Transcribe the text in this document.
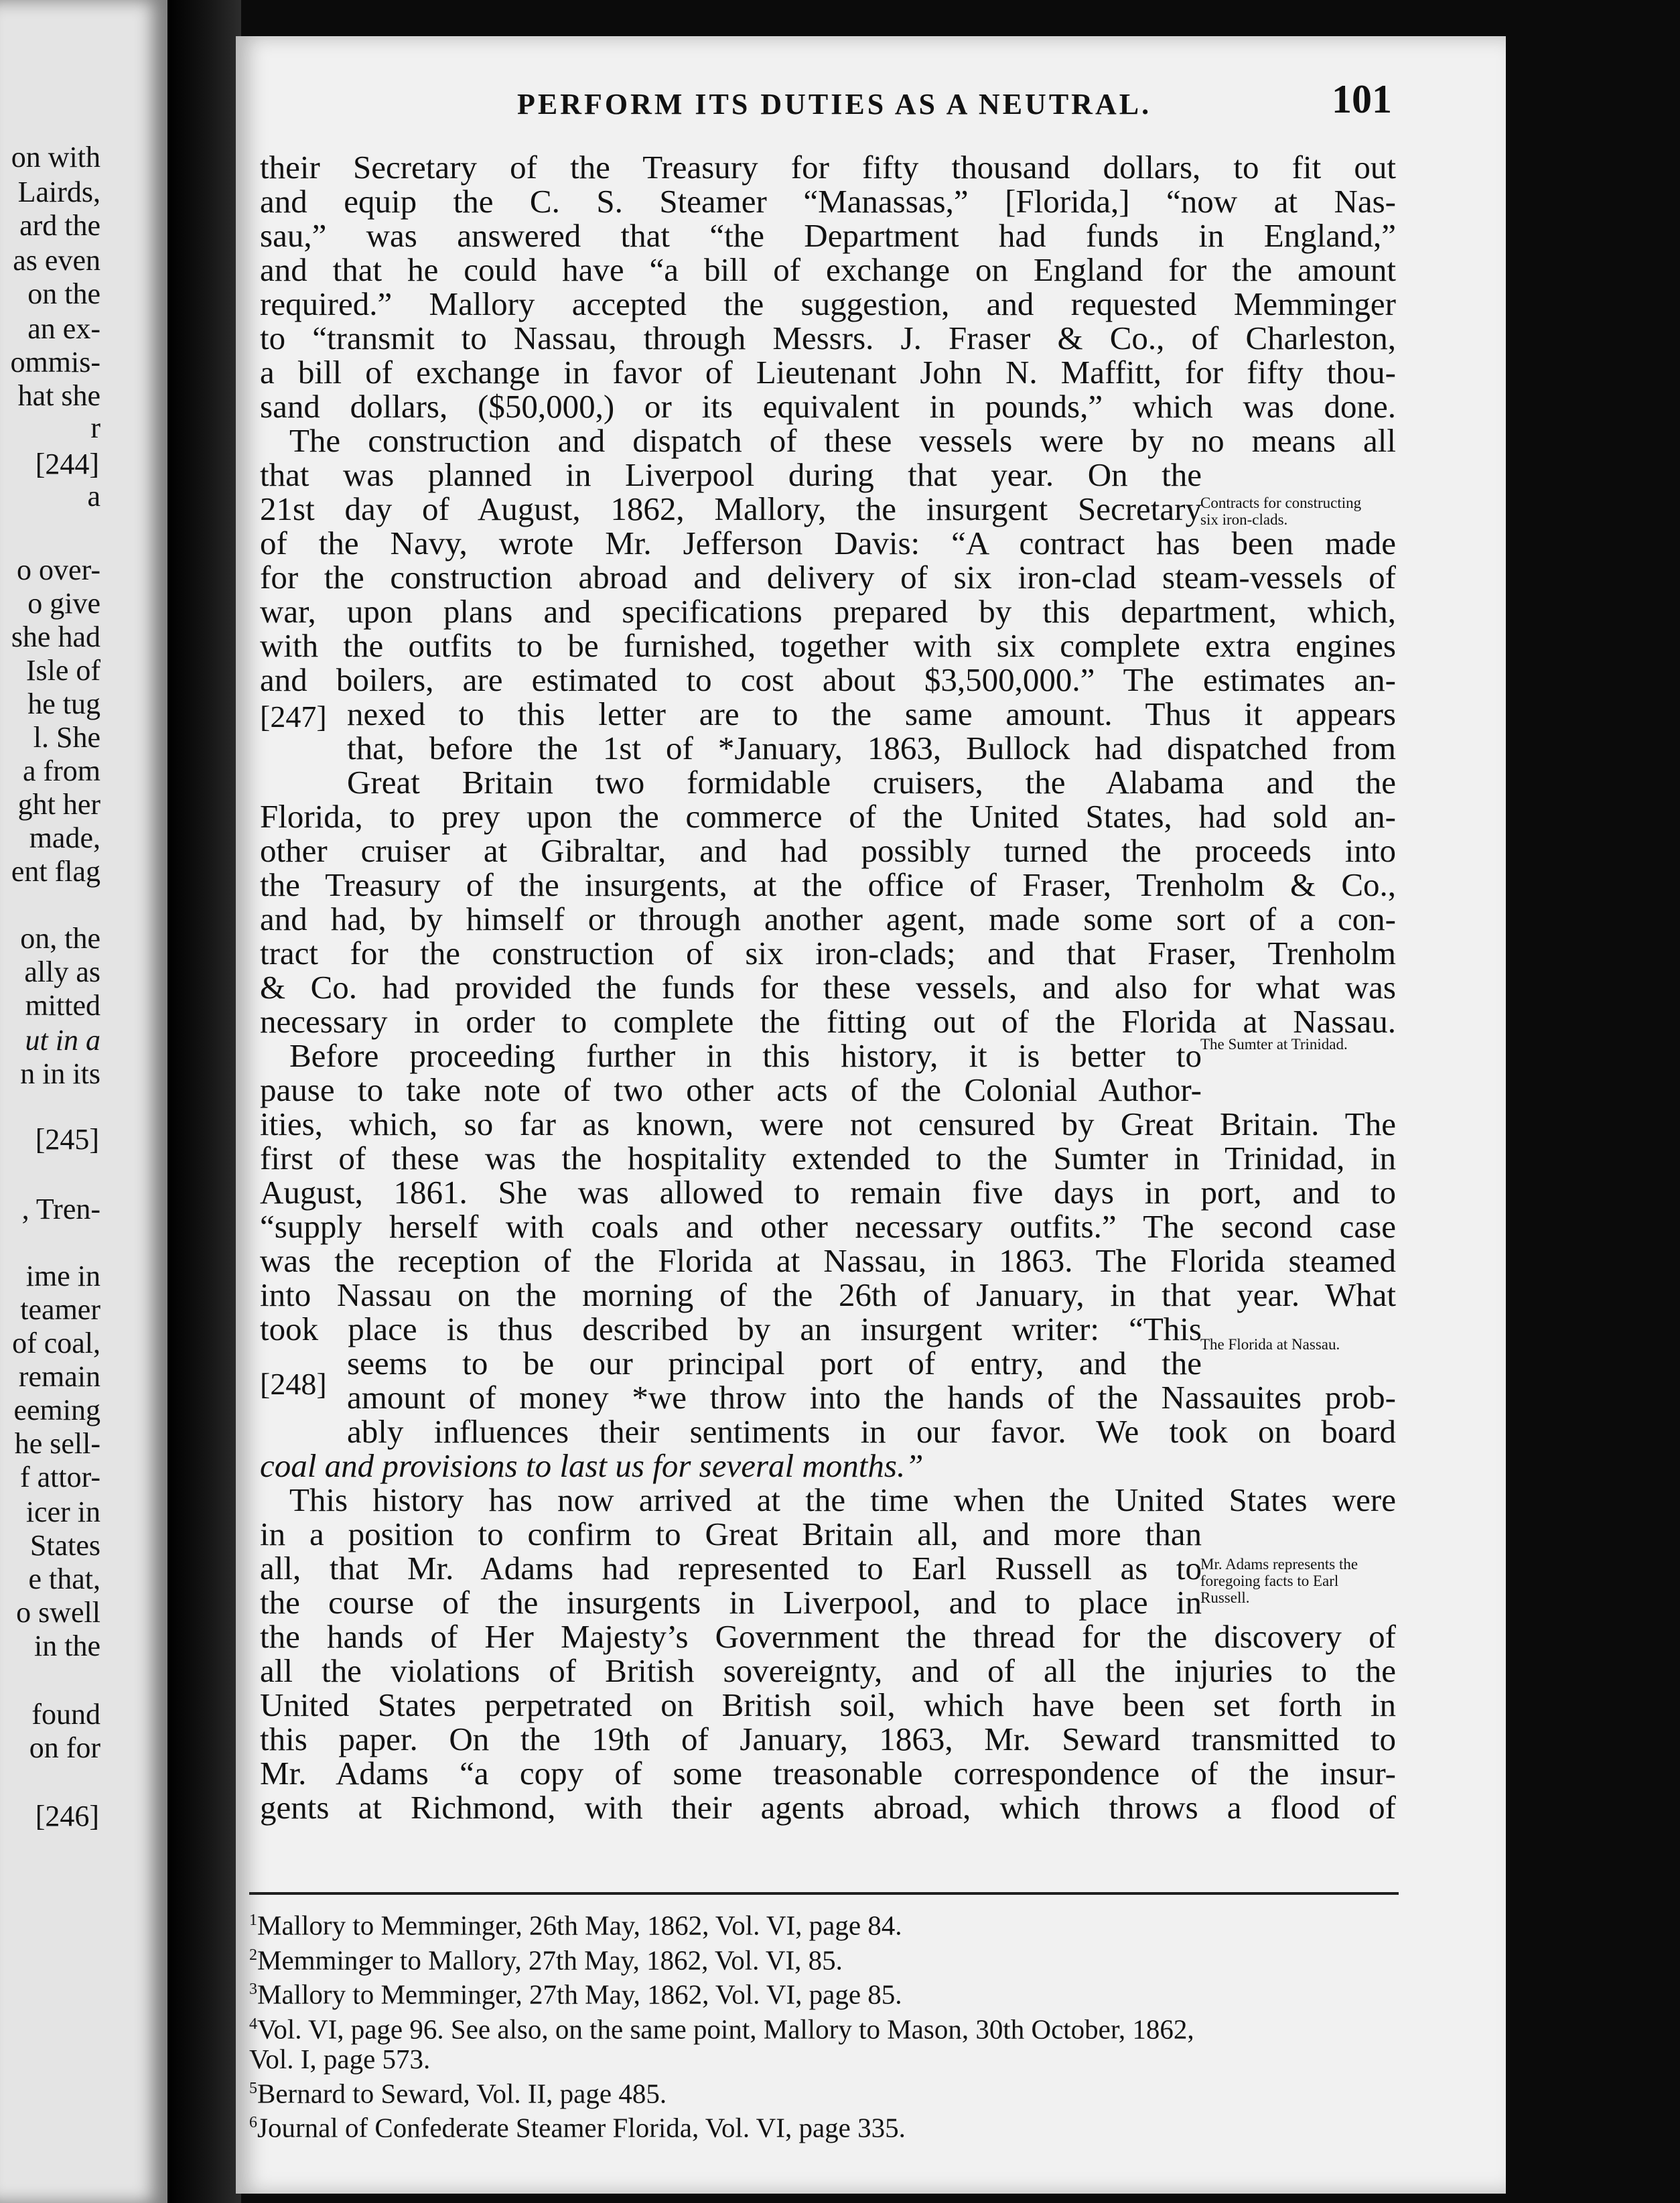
on with
Lairds,
ard the
as even
on the
an ex-
ommis-
hat she
r
[244]
a
o over-
o give
she had
Isle of
he tug
l. She
a from
ght her
made,
ent flag
on, the
ally as
mitted
ut in a
n in its
[245]
, Tren-
ime in
teamer
of coal,
remain
eeming
he sell-
f attor-
icer in
States
e that,
o swell
in the
found
on for
[246]
PERFORM ITS DUTIES AS A NEUTRAL.	101
their Secretary of the Treasury for fifty thousand dollars, to fit out
and equip the C. S. Steamer “Manassas,” [Florida,] “now at Nas-
sau,” was answered that “the Department had funds in England,”
and that he could have “a bill of exchange on England for the amount
required.” Mallory accepted the suggestion, and requested Memminger
to “transmit to Nassau, through Messrs. J. Fraser & Co., of Charleston,
a bill of exchange in favor of Lieutenant John N. Maffitt, for fifty thou-
sand dollars, ($50,000,) or its equivalent in pounds,” which was done.
The construction and dispatch of these vessels were by no means all
that was planned in Liverpool during that year. On the
21st day of August, 1862, Mallory, the insurgent Secretary
of the Navy, wrote Mr. Jefferson Davis: “A contract has been made
for the construction abroad and delivery of six iron-clad steam-vessels of
war, upon plans and specifications prepared by this department, which,
with the outfits to be furnished, together with six complete extra engines
and boilers, are estimated to cost about $3,500,000.” The estimates an-
nexed to this letter are to the same amount. Thus it appears
that, before the 1st of *January, 1863, Bullock had dispatched from
Great Britain two formidable cruisers, the Alabama and the
Florida, to prey upon the commerce of the United States, had sold an-
other cruiser at Gibraltar, and had possibly turned the proceeds into
the Treasury of the insurgents, at the office of Fraser, Trenholm & Co.,
and had, by himself or through another agent, made some sort of a con-
tract for the construction of six iron-clads; and that Fraser, Trenholm
& Co. had provided the funds for these vessels, and also for what was
necessary in order to complete the fitting out of the Florida at Nassau.
Before proceeding further in this history, it is better to
pause to take note of two other acts of the Colonial Author-
ities, which, so far as known, were not censured by Great Britain. The
first of these was the hospitality extended to the Sumter in Trinidad, in
August, 1861. She was allowed to remain five days in port, and to
“supply herself with coals and other necessary outfits.” The second case
was the reception of the Florida at Nassau, in 1863. The Florida steamed
into Nassau on the morning of the 26th of January, in that year. What
took place is thus described by an insurgent writer: “This
seems to be our principal port of entry, and the
amount of money *we throw into the hands of the Nassauites prob-
ably influences their sentiments in our favor. We took on board
coal and provisions to last us for several months.”
This history has now arrived at the time when the United States were
in a position to confirm to Great Britain all, and more than
all, that Mr. Adams had represented to Earl Russell as to
the course of the insurgents in Liverpool, and to place in
the hands of Her Majesty’s Government the thread for the discovery of
all the violations of British sovereignty, and of all the injuries to the
United States perpetrated on British soil, which have been set forth in
this paper. On the 19th of January, 1863, Mr. Seward transmitted to
Mr. Adams “a copy of some treasonable correspondence of the insur-
gents at Richmond, with their agents abroad, which throws a flood of
[247]
[248]
Contracts for constructing six iron-clads.
The Sumter at Trinidad.
The Florida at Nassau.
Mr. Adams represents the foregoing facts to Earl Russell.
$^1$Mallory to Memminger, 26th May, 1862, Vol. VI, page 84.
$^2$Memminger to Mallory, 27th May, 1862, Vol. VI, 85.
$^3$Mallory to Memminger, 27th May, 1862, Vol. VI, page 85.
$^4$Vol. VI, page 96. See also, on the same point, Mallory to Mason, 30th October, 1862,
Vol. I, page 573.
$^5$Bernard to Seward, Vol. II, page 485.
$^6$Journal of Confederate Steamer Florida, Vol. VI, page 335.
